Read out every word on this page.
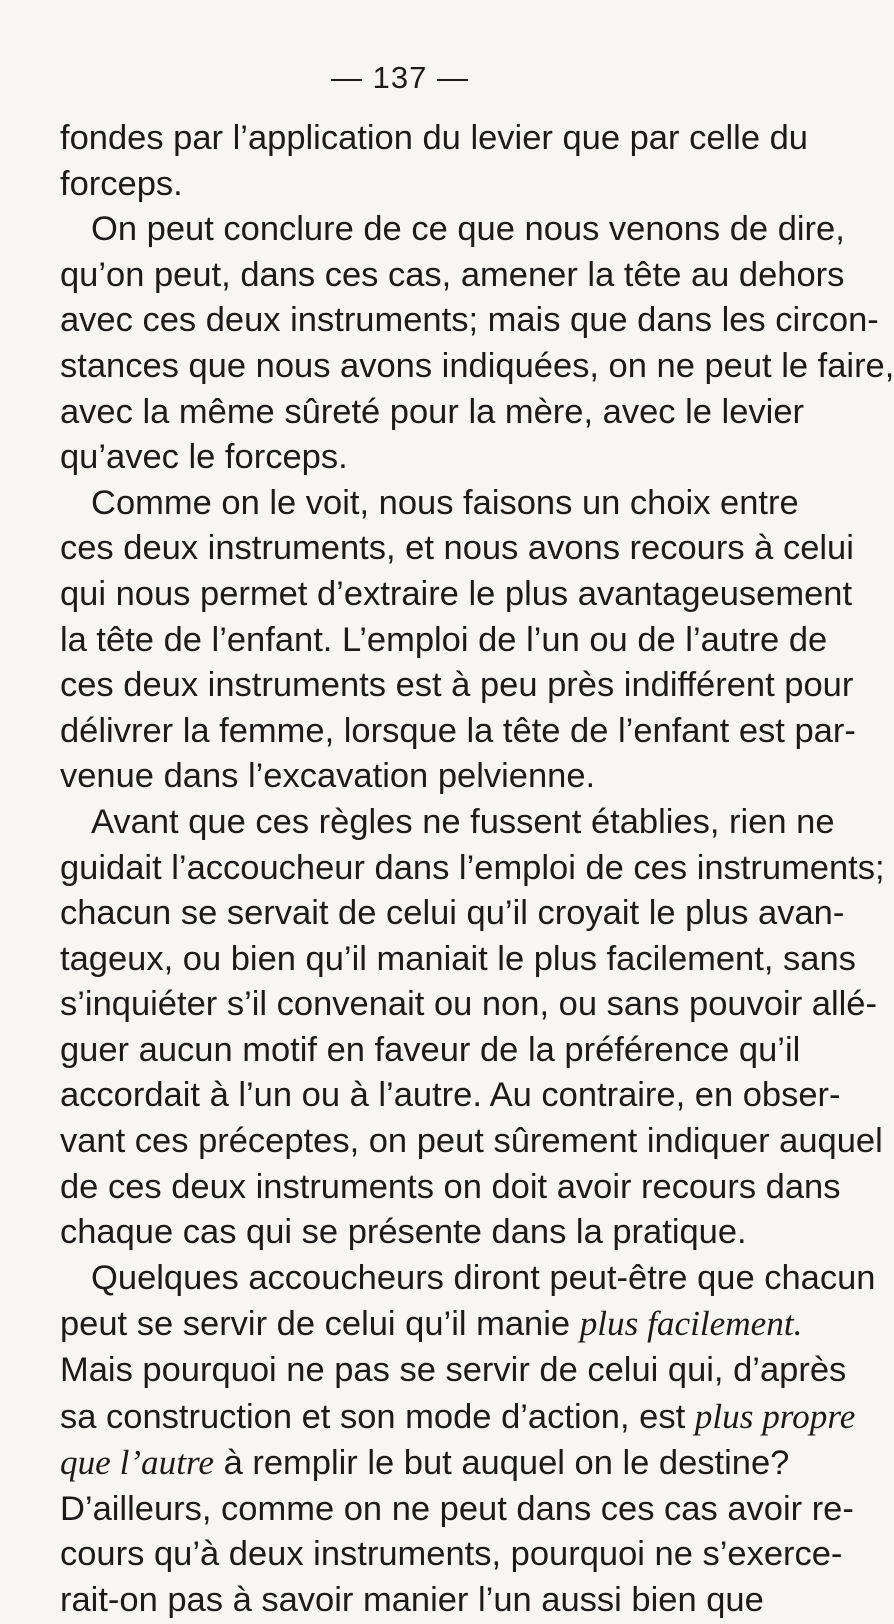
— 137 —

fondes par l’application du levier que par celle du
forceps.

On peut conclure de ce que nous venons de dire,
qu’on peut, dans ces cas, amener la tête au dehors
avec ces deux instruments; mais que dans les circon-
stances que nous avons indiquées, on ne peut le faire,
avec la même sûreté pour la mère, avec le levier
qu’avec le forceps.

Comme on le voit, nous faisons un choix entre
ces deux instruments, et nous avons recours à celui
qui nous permet d’extraire le plus avantageusement
la tête de l’enfant. L’emploi de l’un ou de l’autre de
ces deux instruments est à peu près indifférent pour
délivrer la femme, lorsque la tête de l’enfant est par-
venue dans l’excavation pelvienne.

Avant que ces règles ne fussent établies, rien ne
guidait l’accoucheur dans l’emploi de ces instruments;
chacun se servait de celui qu’il croyait le plus avan-
tageux, ou bien qu’il maniait le plus facilement, sans
s’inquiéter s’il convenait ou non, ou sans pouvoir allé-
guer aucun motif en faveur de la préférence qu’il
accordait à l’un ou à l’autre. Au contraire, en obser-
vant ces préceptes, on peut sûrement indiquer auquel
de ces deux instruments on doit avoir recours dans
chaque cas qui se présente dans la pratique.

Quelques accoucheurs diront peut-être que chacun
peut se servir de celui qu’il manie plus facilement.
Mais pourquoi ne pas se servir de celui qui, d’après
sa construction et son mode d’action, est plus propre
que l’autre à remplir le but auquel on le destine?
D’ailleurs, comme on ne peut dans ces cas avoir re-
cours qu’à deux instruments, pourquoi ne s’exerce-
rait-on pas à savoir manier l’un aussi bien que
